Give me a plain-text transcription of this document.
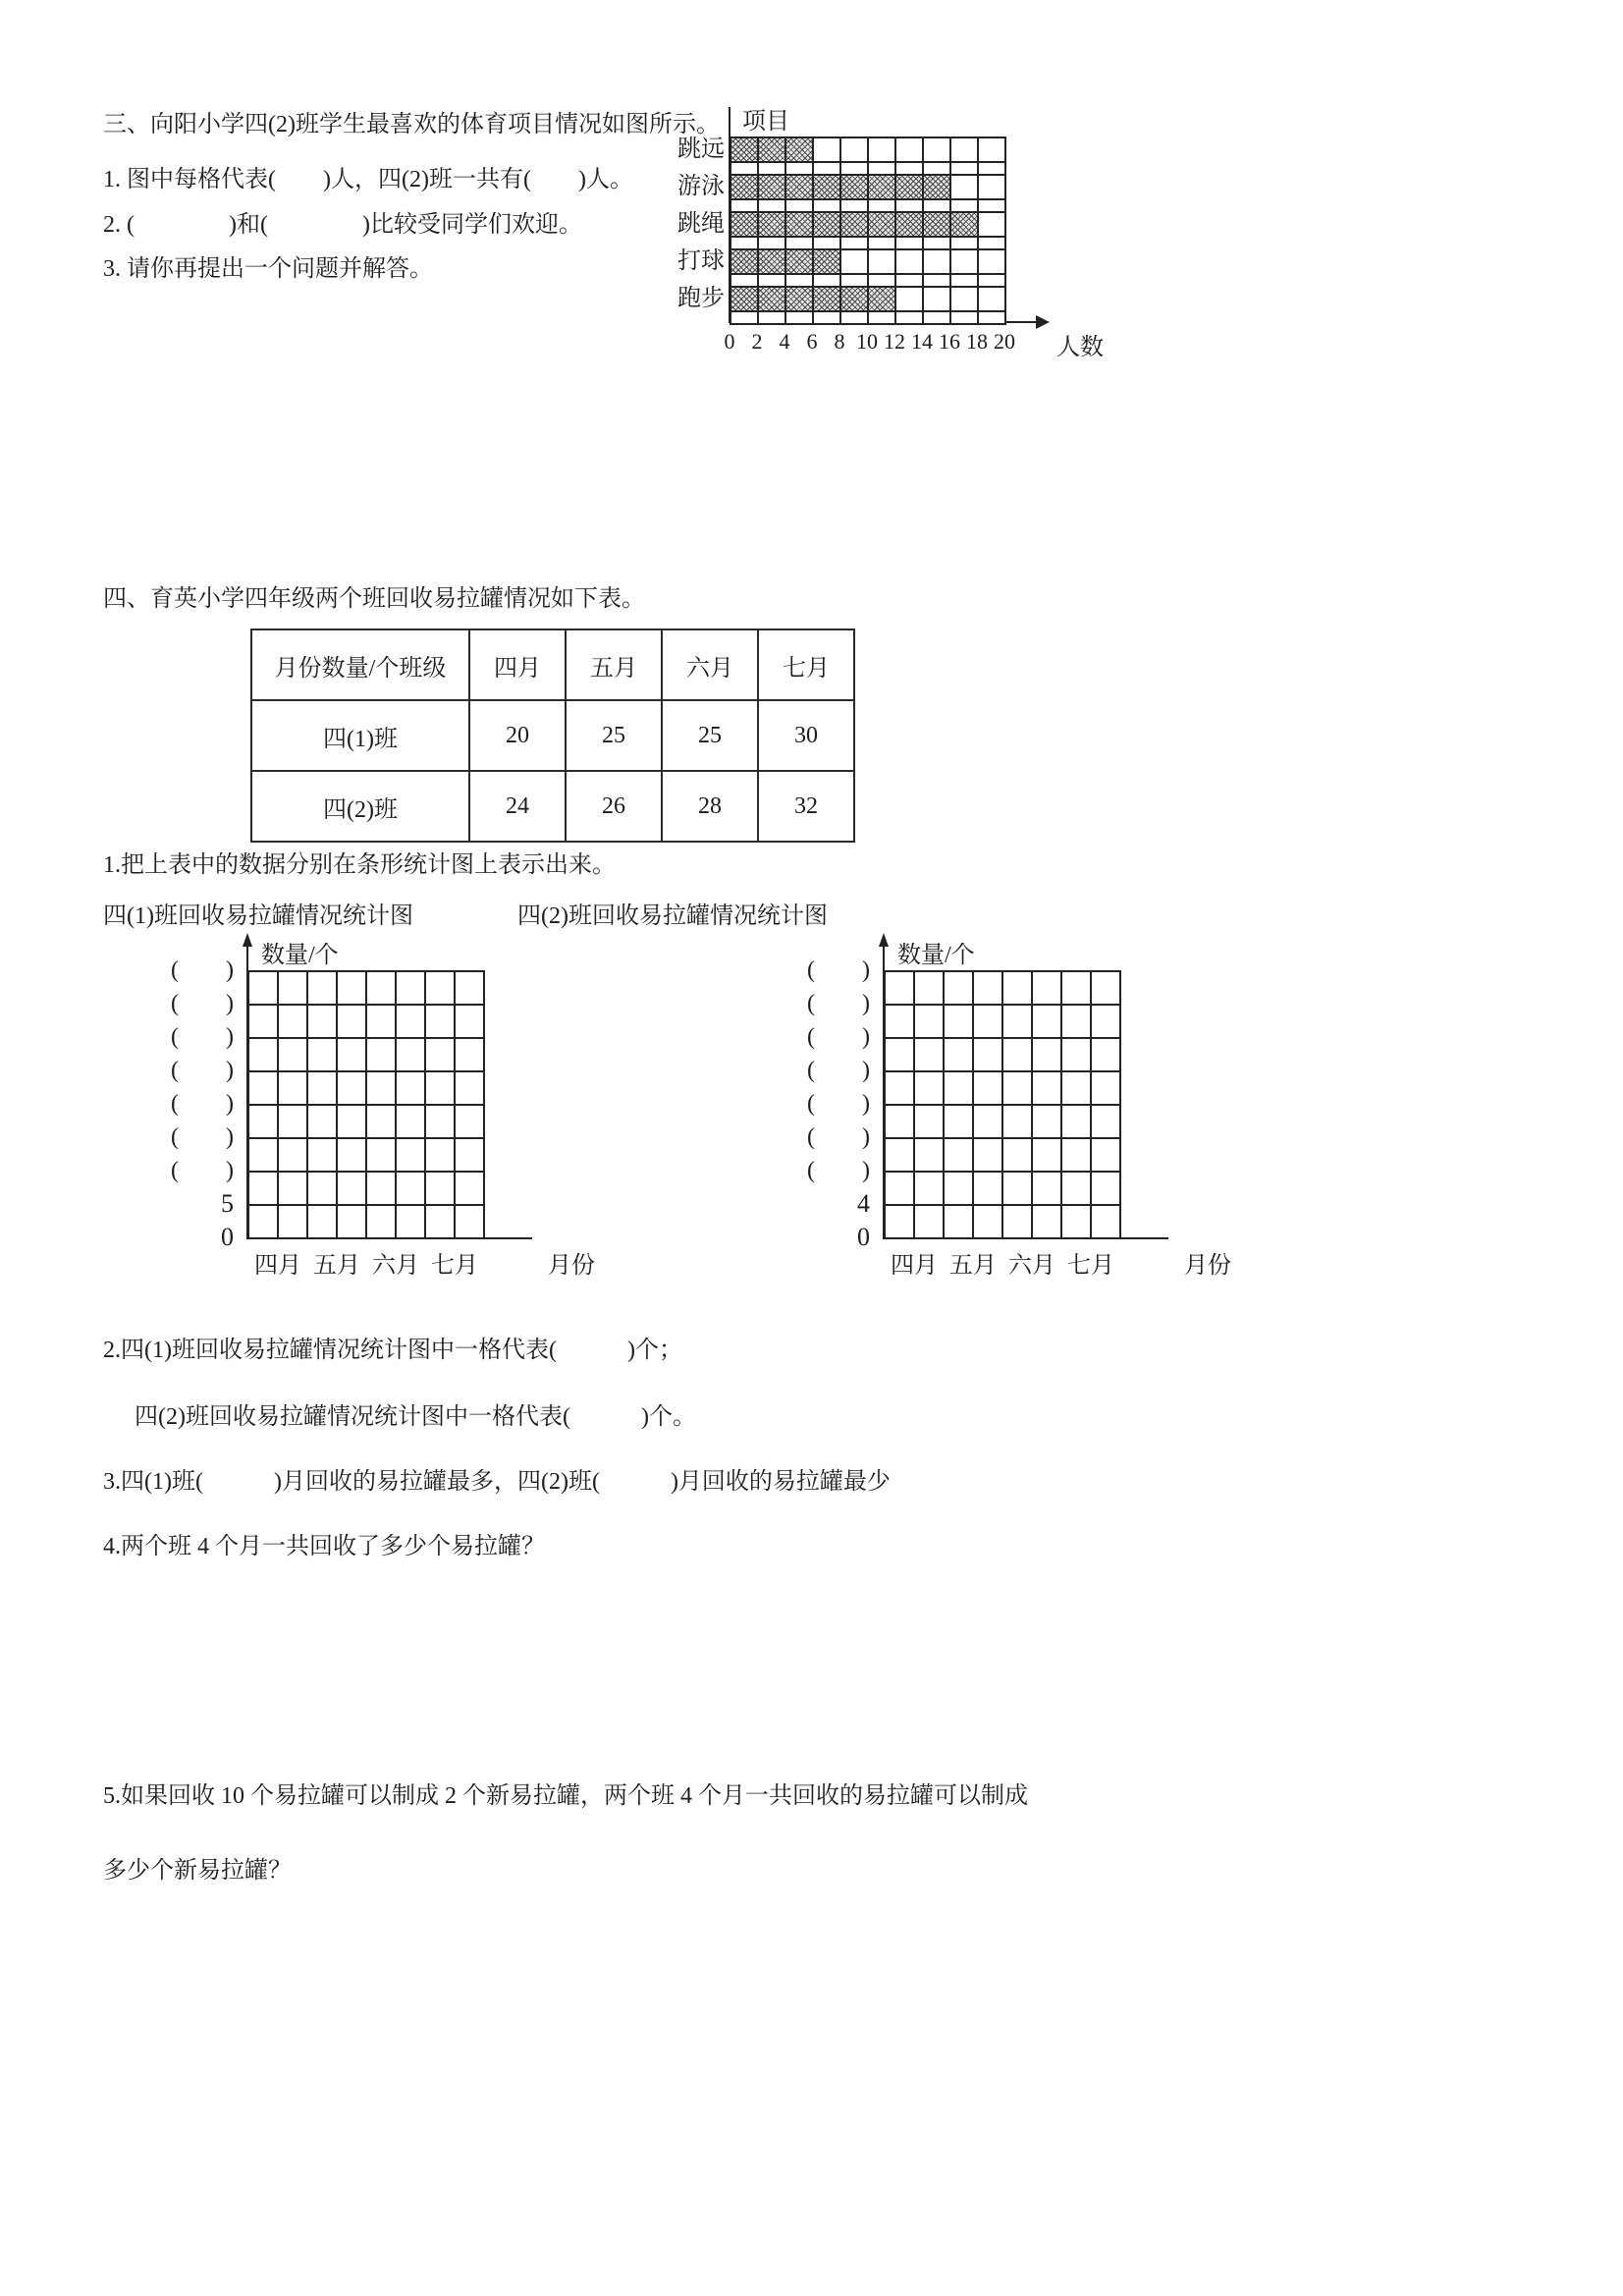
三、向阳小学四(2)班学生最喜欢的体育项目情况如图所示。
1. 图中每格代表(　　)人，四(2)班一共有(　　)人。
2. (　　　　)和(　　　　)比较受同学们欢迎。
3. 请你再提出一个问题并解答。
跳远
游泳
跳绳
打球
跑步
项目
0 2 4 6 8 10 12 14 16 18 20 人数
四、育英小学四年级两个班回收易拉罐情况如下表。
月份数量/个班级	四月	五月	六月	七月
四(1)班	20	25	25	30
四(2)班	24	26	28	32
1.把上表中的数据分别在条形统计图上表示出来。
四(1)班回收易拉罐情况统计图	四(2)班回收易拉罐情况统计图
5
0
(　　)
(　　)
(　　)
(　　)
(　　)
(　　)
(　　)
数量/个
四月 五月 六月 七月	月份
4
0
(　　)
(　　)
(　　)
(　　)
(　　)
(　　)
(　　)
数量/个
四月 五月 六月 七月	月份
2.四(1)班回收易拉罐情况统计图中一格代表(　　　)个；
四(2)班回收易拉罐情况统计图中一格代表(　　　)个。
3.四(1)班(　　　)月回收的易拉罐最多，四(2)班(　　　)月回收的易拉罐最少
4.两个班 4 个月一共回收了多少个易拉罐？
5.如果回收 10 个易拉罐可以制成 2 个新易拉罐，两个班 4 个月一共回收的易拉罐可以制成
多少个新易拉罐？
